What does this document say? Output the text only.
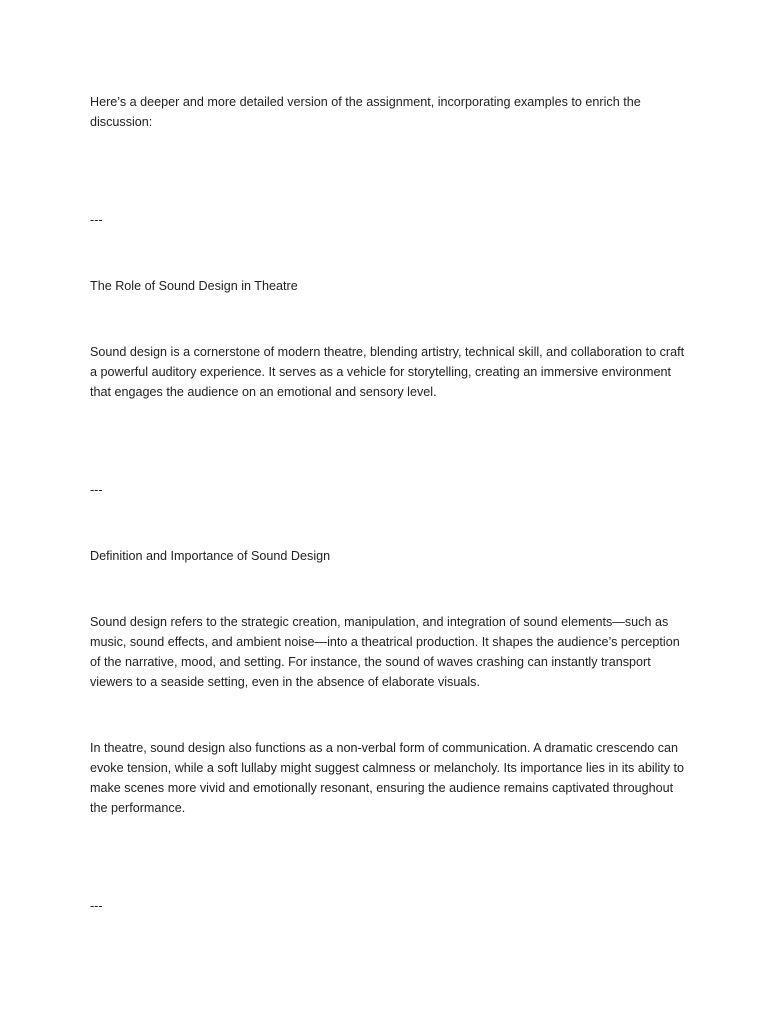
Here’s a deeper and more detailed version of the assignment, incorporating examples to enrich the discussion:

---

The Role of Sound Design in Theatre

Sound design is a cornerstone of modern theatre, blending artistry, technical skill, and collaboration to craft a powerful auditory experience. It serves as a vehicle for storytelling, creating an immersive environment that engages the audience on an emotional and sensory level.

---

Definition and Importance of Sound Design

Sound design refers to the strategic creation, manipulation, and integration of sound elements—such as music, sound effects, and ambient noise—into a theatrical production. It shapes the audience’s perception of the narrative, mood, and setting. For instance, the sound of waves crashing can instantly transport viewers to a seaside setting, even in the absence of elaborate visuals.

In theatre, sound design also functions as a non-verbal form of communication. A dramatic crescendo can evoke tension, while a soft lullaby might suggest calmness or melancholy. Its importance lies in its ability to make scenes more vivid and emotionally resonant, ensuring the audience remains captivated throughout the performance.

---
